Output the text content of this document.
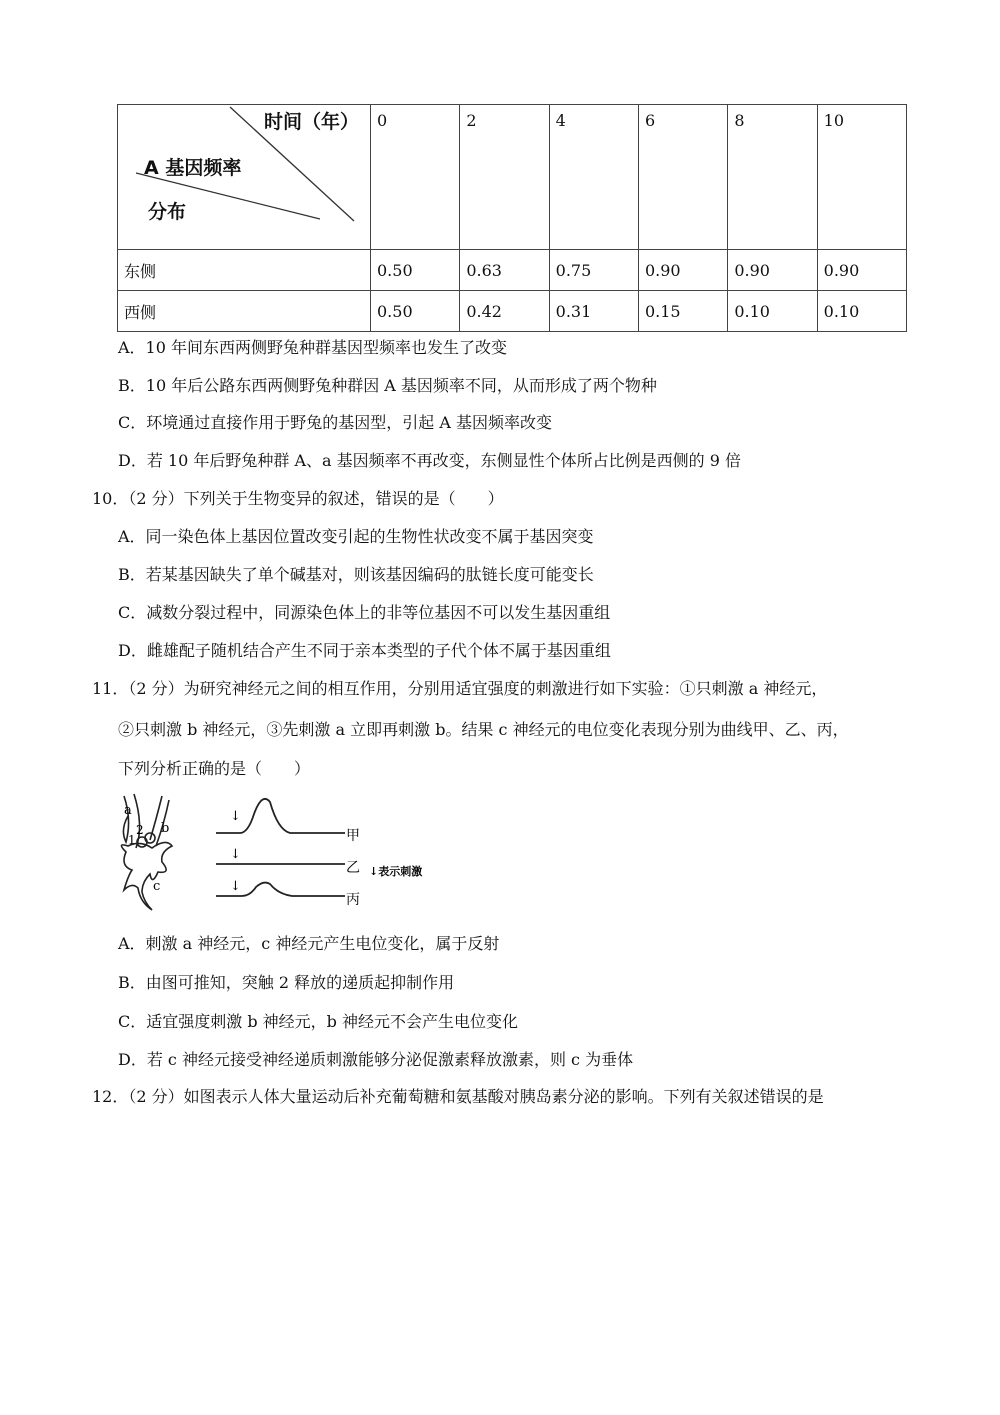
时间（年）
A 基因频率
分布	0	2	4	6	8	10
东侧	0.50	0.63	0.75	0.90	0.90	0.90
西侧	0.50	0.42	0.31	0.15	0.10	0.10
A．10 年间东西两侧野兔种群基因型频率也发生了改变
B．10 年后公路东西两侧野兔种群因 A 基因频率不同，从而形成了两个物种
C．环境通过直接作用于野兔的基因型，引起 A 基因频率改变
D．若 10 年后野兔种群 A、a 基因频率不再改变，东侧显性个体所占比例是西侧的 9 倍
10．（2 分）下列关于生物变异的叙述，错误的是（　　）
A．同一染色体上基因位置改变引起的生物性状改变不属于基因突变
B．若某基因缺失了单个碱基对，则该基因编码的肽链长度可能变长
C．减数分裂过程中，同源染色体上的非等位基因不可以发生基因重组
D．雌雄配子随机结合产生不同于亲本类型的子代个体不属于基因重组
11．（2 分）为研究神经元之间的相互作用，分别用适宜强度的刺激进行如下实验：①只刺激 a 神经元，
②只刺激 b 神经元，③先刺激 a 立即再刺激 b。结果 c 神经元的电位变化表现分别为曲线甲、乙、丙，
下列分析正确的是（　　）
a
b
c
1
2
↓
甲
↓
乙
↓
丙
↓表示刺激
A．刺激 a 神经元，c 神经元产生电位变化，属于反射
B．由图可推知，突触 2 释放的递质起抑制作用
C．适宜强度刺激 b 神经元，b 神经元不会产生电位变化
D．若 c 神经元接受神经递质刺激能够分泌促激素释放激素，则 c 为垂体
12．（2 分）如图表示人体大量运动后补充葡萄糖和氨基酸对胰岛素分泌的影响。下列有关叙述错误的是
